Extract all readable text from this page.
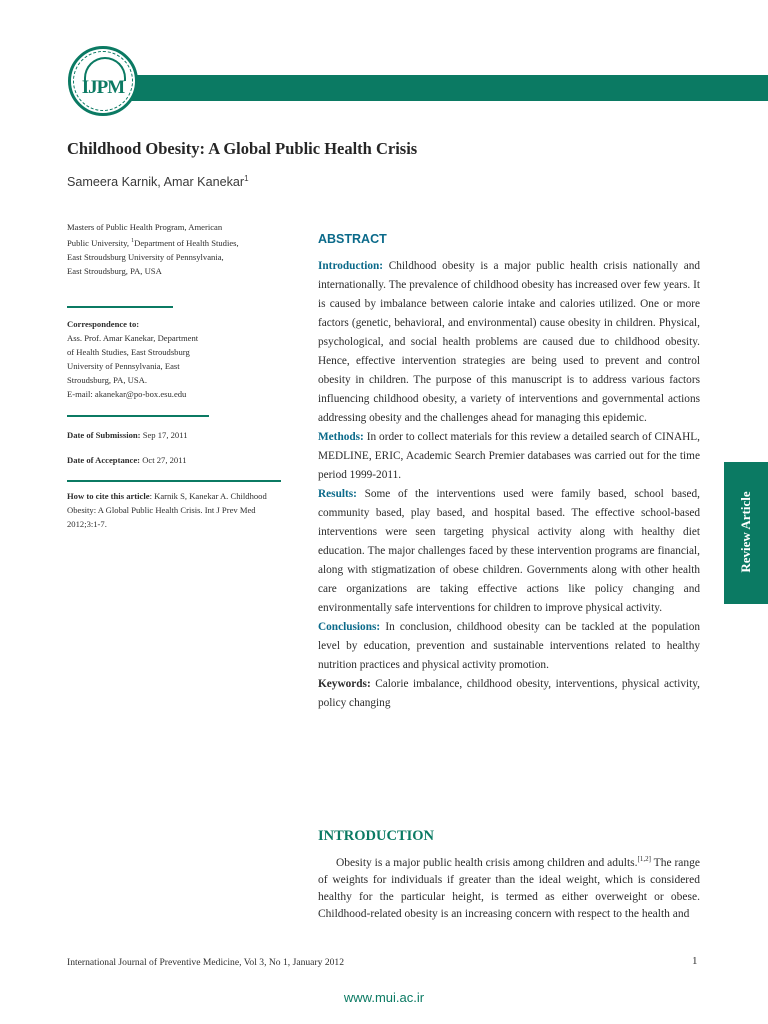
IJPM
Childhood Obesity: A Global Public Health Crisis
Sameera Karnik, Amar Kanekar$^1$
Masters of Public Health Program, American
Public University, $^1$Department of Health Studies,
East Stroudsburg University of Pennsylvania,
East Stroudsburg, PA, USA
Correspondence to:
Ass. Prof. Amar Kanekar, Department
of Health Studies, East Stroudsburg
University of Pennsylvania, East
Stroudsburg, PA, USA.
E-mail: akanekar@po-box.esu.edu

Date of Submission: Sep 17, 2011

Date of Acceptance: Oct 27, 2011

How to cite this article: Karnik S, Kanekar A. Childhood Obesity: A Global Public Health Crisis. Int J Prev Med 2012;3:1-7.
ABSTRACT

Introduction: Childhood obesity is a major public health crisis nationally and internationally. The prevalence of childhood obesity has increased over few years. It is caused by imbalance between calorie intake and calories utilized. One or more factors (genetic, behavioral, and environmental) cause obesity in children. Physical, psychological, and social health problems are caused due to childhood obesity. Hence, effective intervention strategies are being used to prevent and control obesity in children. The purpose of this manuscript is to address various factors influencing childhood obesity, a variety of interventions and governmental actions addressing obesity and the challenges ahead for managing this epidemic.

Methods: In order to collect materials for this review a detailed search of CINAHL, MEDLINE, ERIC, Academic Search Premier databases was carried out for the time period 1999-2011.

Results: Some of the interventions used were family based, school based, community based, play based, and hospital based. The effective school-based interventions were seen targeting physical activity along with healthy diet education. The major challenges faced by these intervention programs are financial, along with stigmatization of obese children. Governments along with other health care organizations are taking effective actions like policy changing and environmentally safe interventions for children to improve physical activity.

Conclusions: In conclusion, childhood obesity can be tackled at the population level by education, prevention and sustainable interventions related to healthy nutrition practices and physical activity promotion.

Keywords: Calorie imbalance, childhood obesity, interventions, physical activity, policy changing

INTRODUCTION
Obesity is a major public health crisis among children and adults.[1,2] The range of weights for individuals if greater than the ideal weight, which is considered healthy for the particular height, is termed as either overweight or obese. Childhood-related obesity is an increasing concern with respect to the health and
Review Article
International Journal of Preventive Medicine, Vol 3, No 1, January 2012	1
www.mui.ac.ir
